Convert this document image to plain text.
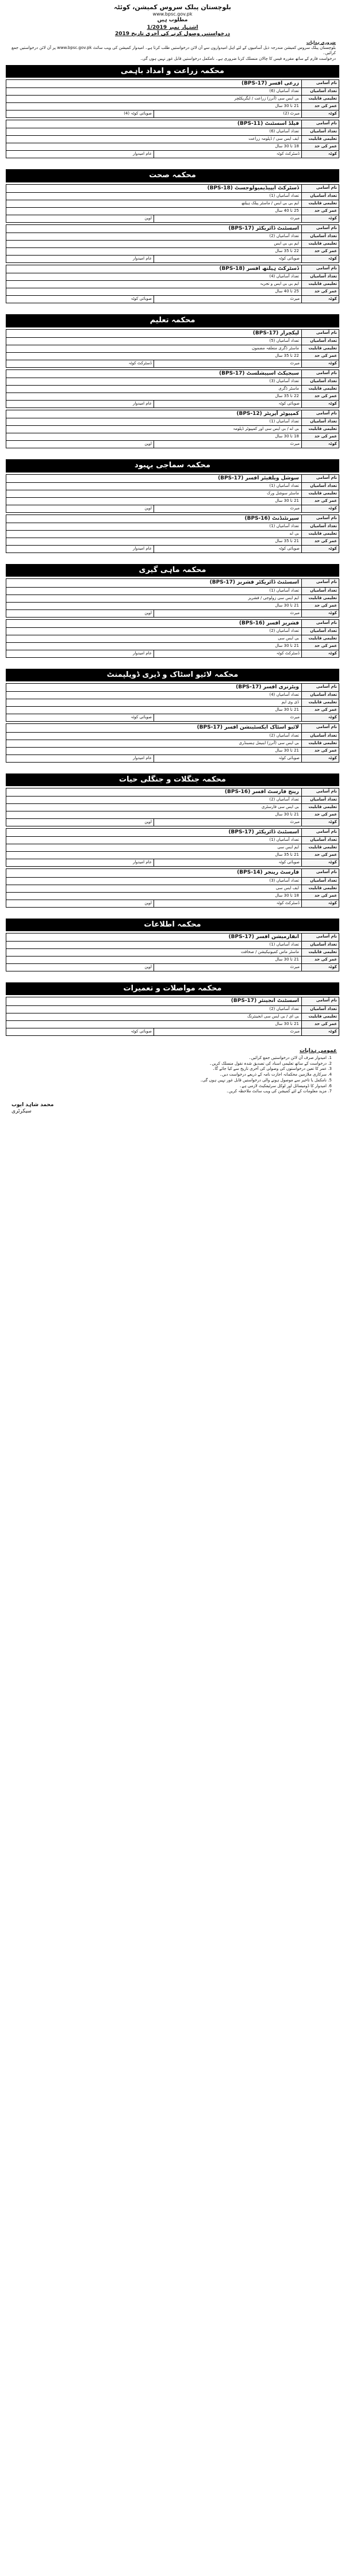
بلوچستان پبلک سروس کمیشن، کوئٹہ
www.bpsc.gov.pk
مطلوب ہیں
اشتہار نمبر 1/2019
درخواستیں وصول کرنے کی آخری تاریخ 2019
ضروری ہدایات

بلوچستان پبلک سروس کمیشن مندرجہ ذیل آسامیوں کے لئے اہل امیدواروں سے آن لائن درخواستیں طلب کرتا ہے۔ امیدوار کمیشن کی ویب سائٹ www.bpsc.gov.pk پر آن لائن درخواستیں جمع کرائیں۔

درخواست فارم کے ساتھ مقررہ فیس کا چالان منسلک کرنا ضروری ہے۔ نامکمل درخواستیں قابل غور نہیں ہوں گی۔

محکمہ زراعت و امداد باہمی
نام آسامی
زرعی افسر (BPS-17)
تعداد آسامیاں
تعداد آسامیاں (6)
تعلیمی قابلیت
بی ایس سی (آنرز) زراعت / ایگریکلچر
عمر کی حد
21 تا 30 سال
کوٹہ
میرٹ (2)
صوبائی کوٹہ (4)
نام آسامی
فیلڈ اسسٹنٹ (BPS-11)
تعداد آسامیاں
تعداد آسامیاں (6)
تعلیمی قابلیت
ایف ایس سی / ڈپلومہ زراعت
عمر کی حد
18 تا 30 سال
کوٹہ
ڈسٹرکٹ کوٹہ
عام امیدوار
محکمہ صحت
نام آسامی
ڈسٹرکٹ ایپیڈیمیولوجسٹ (BPS-18)
تعداد آسامیاں
تعداد آسامیاں (1)
تعلیمی قابلیت
ایم بی بی ایس / ماسٹر پبلک ہیلتھ
عمر کی حد
25 تا 40 سال
کوٹہ
میرٹ
اوپن
نام آسامی
اسسٹنٹ ڈائریکٹر (BPS-17)
تعداد آسامیاں
تعداد آسامیاں (2)
تعلیمی قابلیت
ایم بی بی ایس
عمر کی حد
22 تا 35 سال
کوٹہ
صوبائی کوٹہ
عام امیدوار
نام آسامی
ڈسٹرکٹ ہیلتھ افسر (BPS-18)
تعداد آسامیاں
تعداد آسامیاں (4)
تعلیمی قابلیت
ایم بی بی ایس و تجربہ
عمر کی حد
25 تا 40 سال
کوٹہ
میرٹ
صوبائی کوٹہ
محکمہ تعلیم
نام آسامی
لیکچرار (BPS-17)
تعداد آسامیاں
تعداد آسامیاں (5)
تعلیمی قابلیت
ماسٹر ڈگری متعلقہ مضمون
عمر کی حد
22 تا 35 سال
کوٹہ
میرٹ
ڈسٹرکٹ کوٹہ
نام آسامی
سبجیکٹ اسپیشلسٹ (BPS-17)
تعداد آسامیاں
تعداد آسامیاں (3)
تعلیمی قابلیت
ماسٹر ڈگری
عمر کی حد
22 تا 35 سال
کوٹہ
صوبائی کوٹہ
عام امیدوار
نام آسامی
کمپیوٹر آپریٹر (BPS-12)
تعداد آسامیاں
تعداد آسامیاں (1)
تعلیمی قابلیت
بی اے / بی ایس سی اور کمپیوٹر ڈپلومہ
عمر کی حد
18 تا 30 سال
کوٹہ
میرٹ
اوپن
محکمہ سماجی بہبود
نام آسامی
سوشل ویلفیئر افسر (BPS-17)
تعداد آسامیاں
تعداد آسامیاں (1)
تعلیمی قابلیت
ماسٹر سوشل ورک
عمر کی حد
21 تا 30 سال
کوٹہ
میرٹ
اوپن
نام آسامی
سپرنٹنڈنٹ (BPS-16)
تعداد آسامیاں
تعداد آسامیاں (1)
تعلیمی قابلیت
بی اے
عمر کی حد
21 تا 35 سال
کوٹہ
صوبائی کوٹہ
عام امیدوار
محکمہ ماہی گیری
نام آسامی
اسسٹنٹ ڈائریکٹر فشریز (BPS-17)
تعداد آسامیاں
تعداد آسامیاں (1)
تعلیمی قابلیت
ایم ایس سی زولوجی / فشریز
عمر کی حد
21 تا 30 سال
کوٹہ
میرٹ
اوپن
نام آسامی
فشریز افسر (BPS-16)
تعداد آسامیاں
تعداد آسامیاں (2)
تعلیمی قابلیت
بی ایس سی
عمر کی حد
21 تا 30 سال
کوٹہ
ڈسٹرکٹ کوٹہ
عام امیدوار
محکمہ لائیو اسٹاک و ڈیری ڈویلپمنٹ
نام آسامی
ویٹرنری افسر (BPS-17)
تعداد آسامیاں
تعداد آسامیاں (4)
تعلیمی قابلیت
ڈی وی ایم
عمر کی حد
21 تا 30 سال
کوٹہ
میرٹ
صوبائی کوٹہ
نام آسامی
لائیو اسٹاک ایکسٹینشن افسر (BPS-17)
تعداد آسامیاں
تعداد آسامیاں (2)
تعلیمی قابلیت
بی ایس سی (آنرز) اینیمل ہسبنڈری
عمر کی حد
21 تا 30 سال
کوٹہ
صوبائی کوٹہ
عام امیدوار
محکمہ جنگلات و جنگلی حیات
نام آسامی
رینج فارسٹ افسر (BPS-16)
تعداد آسامیاں
تعداد آسامیاں (2)
تعلیمی قابلیت
بی ایس سی فارسٹری
عمر کی حد
21 تا 30 سال
کوٹہ
میرٹ
اوپن
نام آسامی
اسسٹنٹ ڈائریکٹر (BPS-17)
تعداد آسامیاں
تعداد آسامیاں (1)
تعلیمی قابلیت
ایم ایس سی
عمر کی حد
21 تا 35 سال
کوٹہ
صوبائی کوٹہ
عام امیدوار
نام آسامی
فارسٹ رینجر (BPS-14)
تعداد آسامیاں
تعداد آسامیاں (3)
تعلیمی قابلیت
ایف ایس سی
عمر کی حد
18 تا 30 سال
کوٹہ
ڈسٹرکٹ کوٹہ
اوپن
محکمہ اطلاعات
نام آسامی
انفارمیشن افسر (BPS-17)
تعداد آسامیاں
تعداد آسامیاں (1)
تعلیمی قابلیت
ماسٹر ماس کمیونیکیشن / صحافت
عمر کی حد
21 تا 30 سال
کوٹہ
میرٹ
اوپن
محکمہ مواصلات و تعمیرات
نام آسامی
اسسٹنٹ انجینئر (BPS-17)
تعداد آسامیاں
تعداد آسامیاں (2)
تعلیمی قابلیت
بی ای / بی ایس سی انجینئرنگ
عمر کی حد
21 تا 30 سال
کوٹہ
میرٹ
صوبائی کوٹہ
عمومی ہدایات
1. امیدوار صرف آن لائن درخواستیں جمع کرائیں۔
2. درخواست کے ساتھ تعلیمی اسناد کی تصدیق شدہ نقول منسلک کریں۔
3. عمر کا تعین درخواستوں کی وصولی کی آخری تاریخ سے کیا جائے گا۔
4. سرکاری ملازمین محکمانہ اجازت نامہ کے ذریعے درخواست دیں۔
5. نامکمل یا تاخیر سے موصول ہونے والی درخواستیں قابل غور نہیں ہوں گی۔
6. امیدوار کا ڈومیسائل اور لوکل سرٹیفکیٹ لازمی ہے۔
7. مزید معلومات کے لئے کمیشن کی ویب سائٹ ملاحظہ کریں۔
محمد شاہد ایوب
سیکرٹری
